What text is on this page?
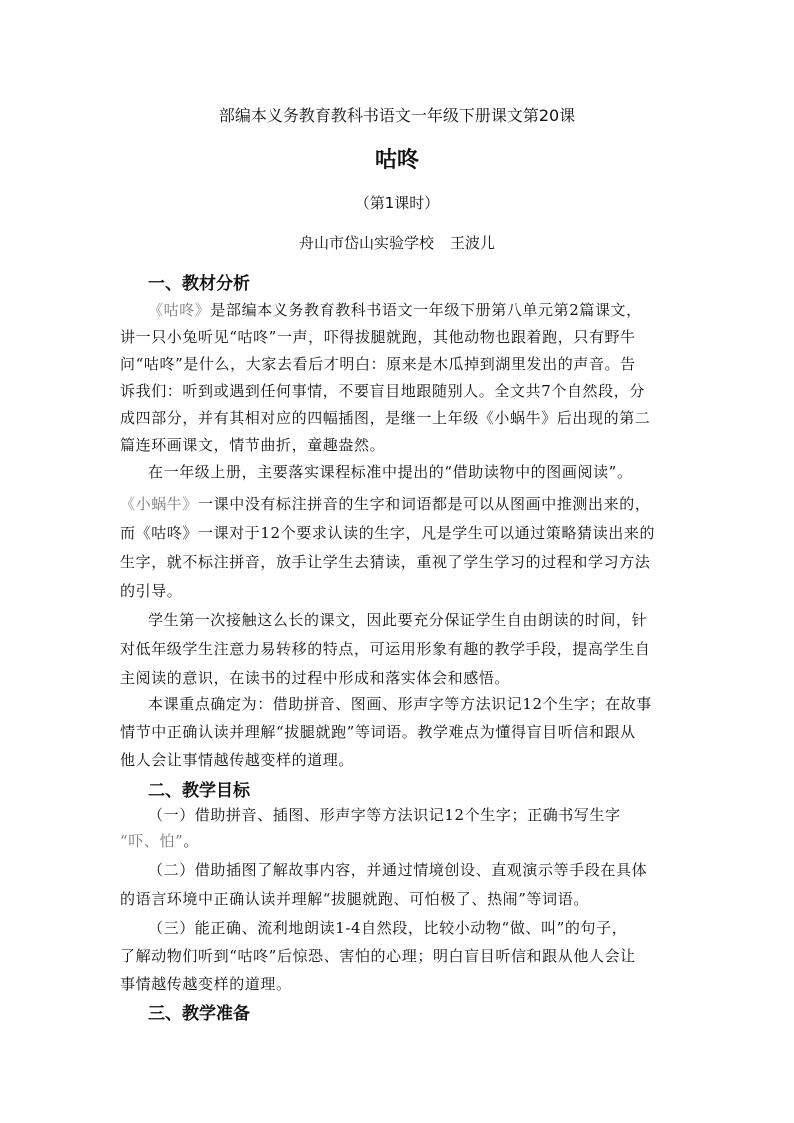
部编本义务教育教科书语文一年级下册课文第20课
咕咚
（第1课时）
舟山市岱山实验学校 王波儿
一、教材分析
《咕咚》是部编本义务教育教科书语文一年级下册第八单元第2篇课文，
讲一只小兔听见“咕咚”一声，吓得拔腿就跑，其他动物也跟着跑，只有野牛
问“咕咚”是什么，大家去看后才明白：原来是木瓜掉到湖里发出的声音。告
诉我们：听到或遇到任何事情，不要盲目地跟随别人。全文共7个自然段，分
成四部分，并有其相对应的四幅插图，是继一上年级《小蜗牛》后出现的第二
篇连环画课文，情节曲折，童趣盎然。
在一年级上册，主要落实课程标准中提出的“借助读物中的图画阅读”。
《小蜗牛》一课中没有标注拼音的生字和词语都是可以从图画中推测出来的，
而《咕咚》一课对于12个要求认读的生字，凡是学生可以通过策略猜读出来的
生字，就不标注拼音，放手让学生去猜读，重视了学生学习的过程和学习方法
的引导。
学生第一次接触这么长的课文，因此要充分保证学生自由朗读的时间，针
对低年级学生注意力易转移的特点，可运用形象有趣的教学手段，提高学生自
主阅读的意识，在读书的过程中形成和落实体会和感悟。
本课重点确定为：借助拼音、图画、形声字等方法识记12个生字；在故事
情节中正确认读并理解“拔腿就跑”等词语。教学难点为懂得盲目听信和跟从
他人会让事情越传越变样的道理。
二、教学目标
（一）借助拼音、插图、形声字等方法识记12个生字；正确书写生字
“吓、怕”。
（二）借助插图了解故事内容，并通过情境创设、直观演示等手段在具体
的语言环境中正确认读并理解“拔腿就跑、可怕极了、热闹”等词语。
（三）能正确、流利地朗读1-4自然段，比较小动物“做、叫”的句子，
了解动物们听到“咕咚”后惊恐、害怕的心理；明白盲目听信和跟从他人会让
事情越传越变样的道理。
三、教学准备
